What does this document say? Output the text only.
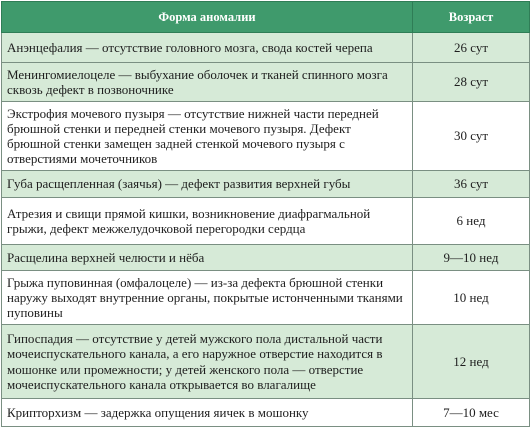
Форма аномалии	Возраст
Анэнцефалия — отсутствие головного мозга, свода костей черепа	26 сут
Менингомиелоцеле — выбухание оболочек и тканей спинного мозга сквозь дефект в позвоночнике	28 сут
Экстрофия мочевого пузыря — отсутствие нижней части передней брюшной стенки и передней стенки мочевого пузыря. Дефект брюшной стенки замещен задней стенкой мочевого пузыря с отверстиями мочеточников	30 сут
Губа расщепленная (заячья) — дефект развития верхней губы	36 сут
Атрезия и свищи прямой кишки, возникновение диафрагмальной грыжи, дефект межжелудочковой перегородки сердца	6 нед
Расщелина верхней челюсти и нёба	9—10 нед
Грыжа пуповинная (омфалоцеле) — из-за дефекта брюшной стенки наружу выходят внутренние органы, покрытые истонченными тканями пуповины	10 нед
Гипоспадия — отсутствие у детей мужского пола дистальной части мочеиспускательного канала, а его наружное отверстие находится в мошонке или промежности; у детей женского пола — отверстие мочеиспускательного канала открывается во влагалище	12 нед
Крипторхизм — задержка опущения яичек в мошонку	7—10 мес
